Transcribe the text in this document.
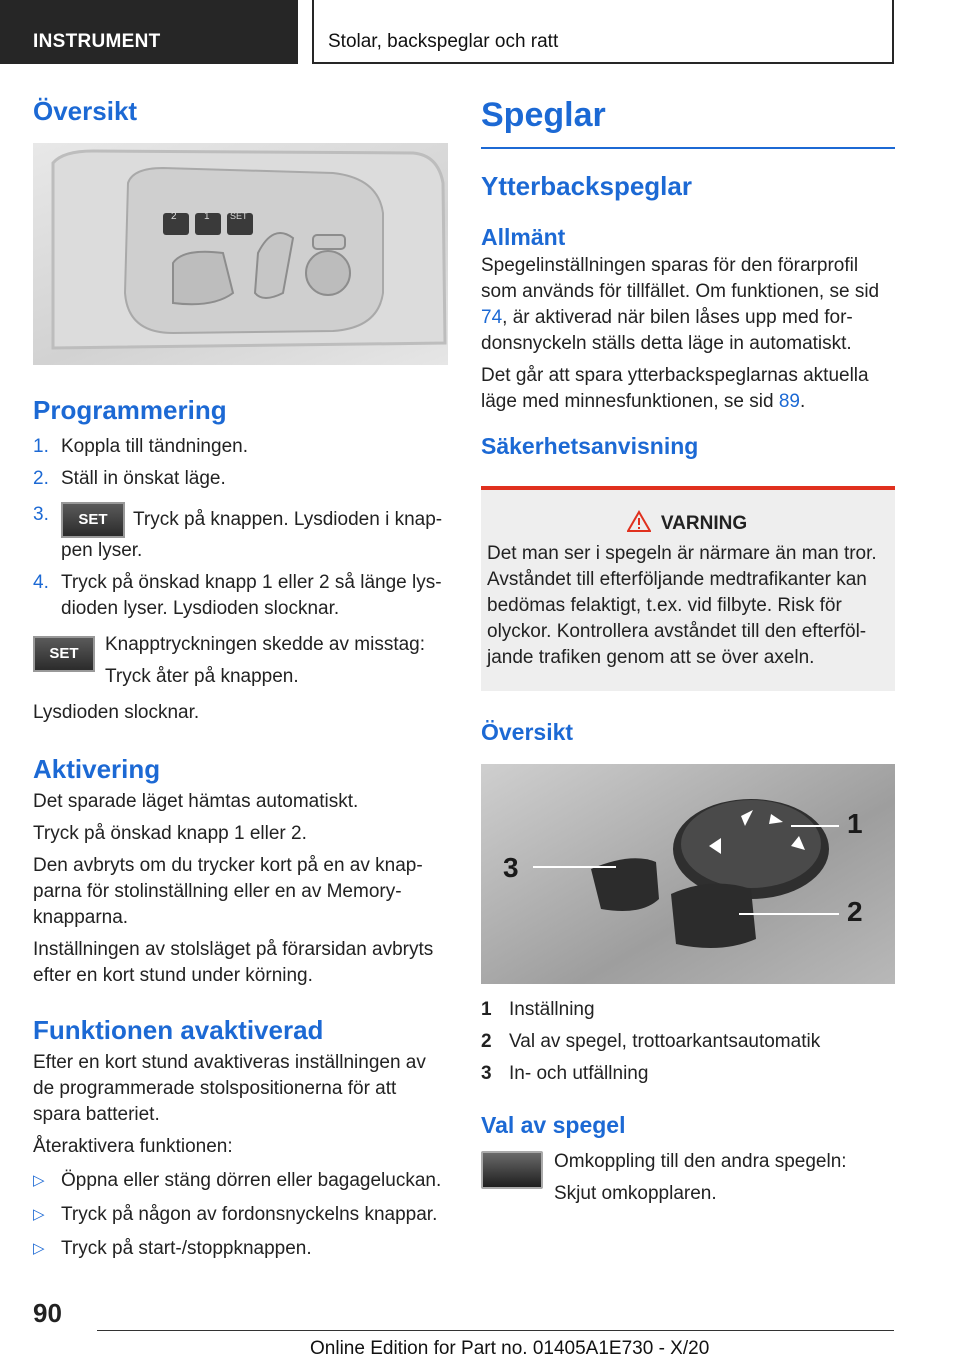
INSTRUMENT	Stolar, backspeglar och ratt
Översikt
2	1 SET
Programmering
1. Koppla till tändningen.
2. Ställ in önskat läge.
3. SET Tryck på knappen. Lysdioden i knap-pen lyser.
4. Tryck på önskad knapp 1 eller 2 så länge lys-dioden lyser. Lysdioden slocknar.
SET	Knapptryckningen skedde av misstag:

Tryck åter på knappen.

Lysdioden slocknar.

Aktivering

Det sparade läget hämtas automatiskt.

Tryck på önskad knapp 1 eller 2.

Den avbryts om du trycker kort på en av knap-parna för stolinställning eller en av Memory-knapparna.

Inställningen av stolsläget på förarsidan avbryts efter en kort stund under körning.

Funktionen avaktiverad

Efter en kort stund avaktiveras inställningen av de programmerade stolspositionerna för att spara batteriet.

Återaktivera funktionen:

▷ Öppna eller stäng dörren eller bagageluckan.
▷ Tryck på någon av fordonsnyckelns knappar.
▷ Tryck på start-/stoppknappen.
Speglar
Ytterbackspeglar
Allmänt

Spegelinställningen sparas för den förarprofil som används för tillfället. Om funktionen, se sid 74, är aktiverad när bilen låses upp med for-donsnyckeln ställs detta läge in automatiskt.

Det går att spara ytterbackspeglarnas aktuella läge med minnesfunktionen, se sid 89.

Säkerhetsanvisning
VARNING

Det man ser i spegeln är närmare än man tror. Avståndet till efterföljande medtrafikanter kan bedömas felaktigt, t.ex. vid filbyte. Risk för olyckor. Kontrollera avståndet till den efterföl-jande trafiken genom att se över axeln.

Översikt
1
2
3
1 Inställning
2 Val av spegel, trottoarkantsautomatik
3 In- och utfällning
Val av spegel

Omkoppling till den andra spegeln:

Skjut omkopplaren.

90
Online Edition for Part no. 01405A1E730 - X/20
